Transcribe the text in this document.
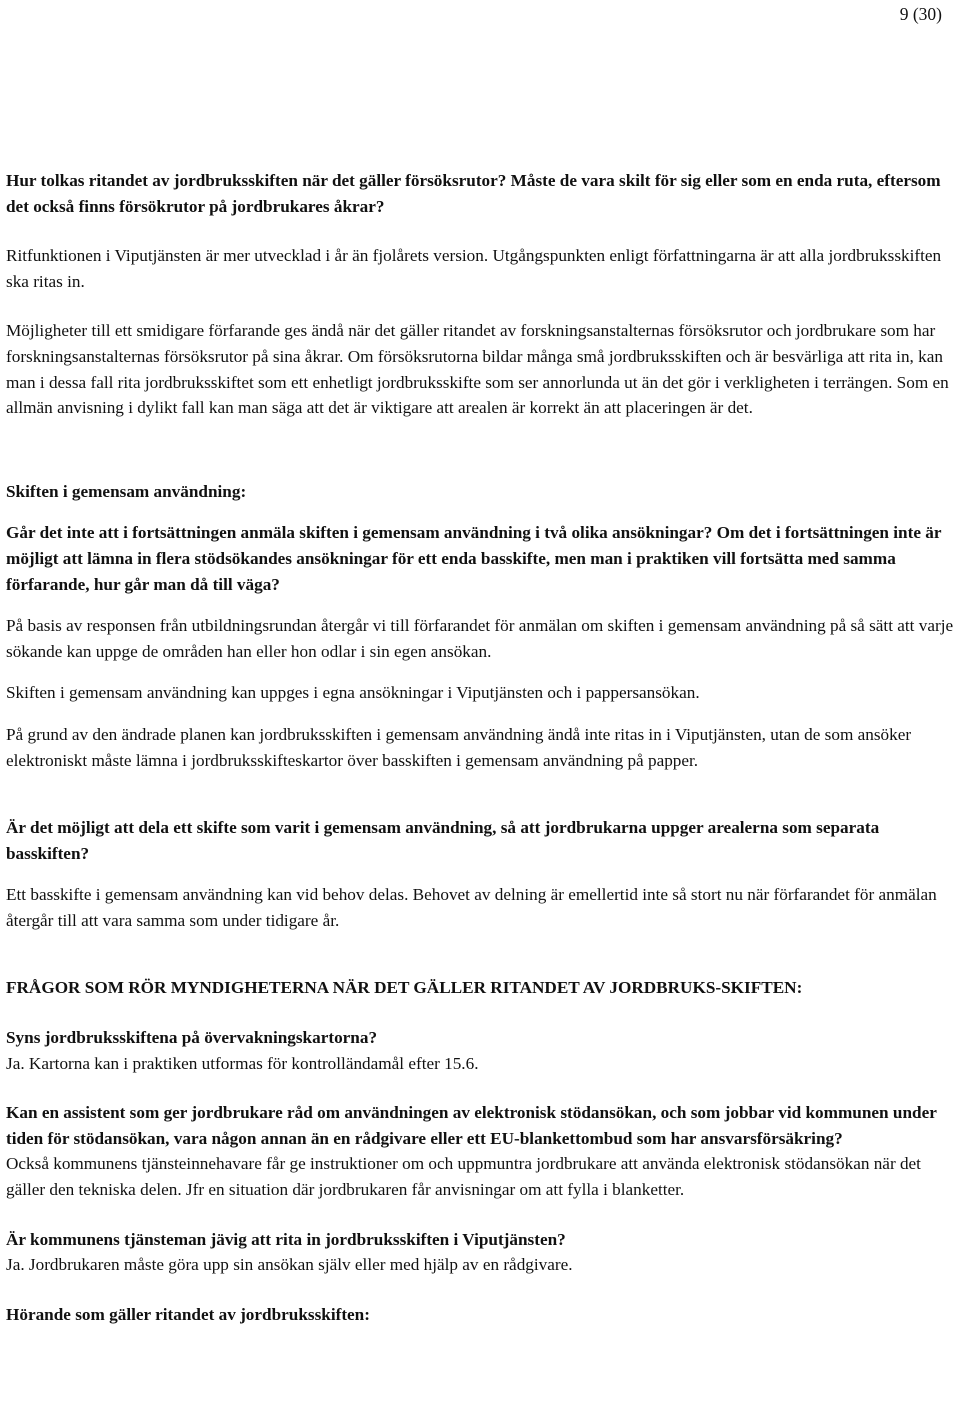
9 (30)

Hur tolkas ritandet av jordbruksskiften när det gäller försöksrutor? Måste de vara skilt för sig eller som en enda ruta, eftersom det också finns försökrutor på jordbrukares åkrar?

Ritfunktionen i Viputjänsten är mer utvecklad i år än fjolårets version. Utgångspunkten enligt författningarna är att alla jordbruksskiften ska ritas in.

Möjligheter till ett smidigare förfarande ges ändå när det gäller ritandet av forskningsanstalternas försöksrutor och jordbrukare som har forskningsanstalternas försöksrutor på sina åkrar. Om försöksrutorna bildar många små jordbruksskiften och är besvärliga att rita in, kan man i dessa fall rita jordbruksskiftet som ett enhetligt jordbruksskifte som ser annorlunda ut än det gör i verkligheten i terrängen. Som en allmän anvisning i dylikt fall kan man säga att det är viktigare att arealen är korrekt än att placeringen är det.

Skiften i gemensam användning:

Går det inte att i fortsättningen anmäla skiften i gemensam användning i två olika ansökningar? Om det i fortsättningen inte är möjligt att lämna in flera stödsökandes ansökningar för ett enda basskifte, men man i praktiken vill fortsätta med samma förfarande, hur går man då till väga?

På basis av responsen från utbildningsrundan återgår vi till förfarandet för anmälan om skiften i gemensam användning på så sätt att varje sökande kan uppge de områden han eller hon odlar i sin egen ansökan.

Skiften i gemensam användning kan uppges i egna ansökningar i Viputjänsten och i pappersansökan.

På grund av den ändrade planen kan jordbruksskiften i gemensam användning ändå inte ritas in i Viputjänsten, utan de som ansöker elektroniskt måste lämna i jordbruksskifteskartor över basskiften i gemensam användning på papper.

Är det möjligt att dela ett skifte som varit i gemensam användning, så att jordbrukarna uppger arealerna som separata basskiften?

Ett basskifte i gemensam användning kan vid behov delas. Behovet av delning är emellertid inte så stort nu när förfarandet för anmälan återgår till att vara samma som under tidigare år.

FRÅGOR SOM RÖR MYNDIGHETERNA NÄR DET GÄLLER RITANDET AV JORDBRUKS-SKIFTEN:

Syns jordbruksskiftena på övervakningskartorna?

Ja. Kartorna kan i praktiken utformas för kontrolländamål efter 15.6.

Kan en assistent som ger jordbrukare råd om användningen av elektronisk stödansökan, och som jobbar vid kommunen under tiden för stödansökan, vara någon annan än en rådgivare eller ett EU-blankettombud som har ansvarsförsäkring?

Också kommunens tjänsteinnehavare får ge instruktioner om och uppmuntra jordbrukare att använda elektronisk stödansökan när det gäller den tekniska delen. Jfr en situation där jordbrukaren får anvisningar om att fylla i blanketter.

Är kommunens tjänsteman jävig att rita in jordbruksskiften i Viputjänsten?

Ja. Jordbrukaren måste göra upp sin ansökan själv eller med hjälp av en rådgivare.

Hörande som gäller ritandet av jordbruksskiften:
